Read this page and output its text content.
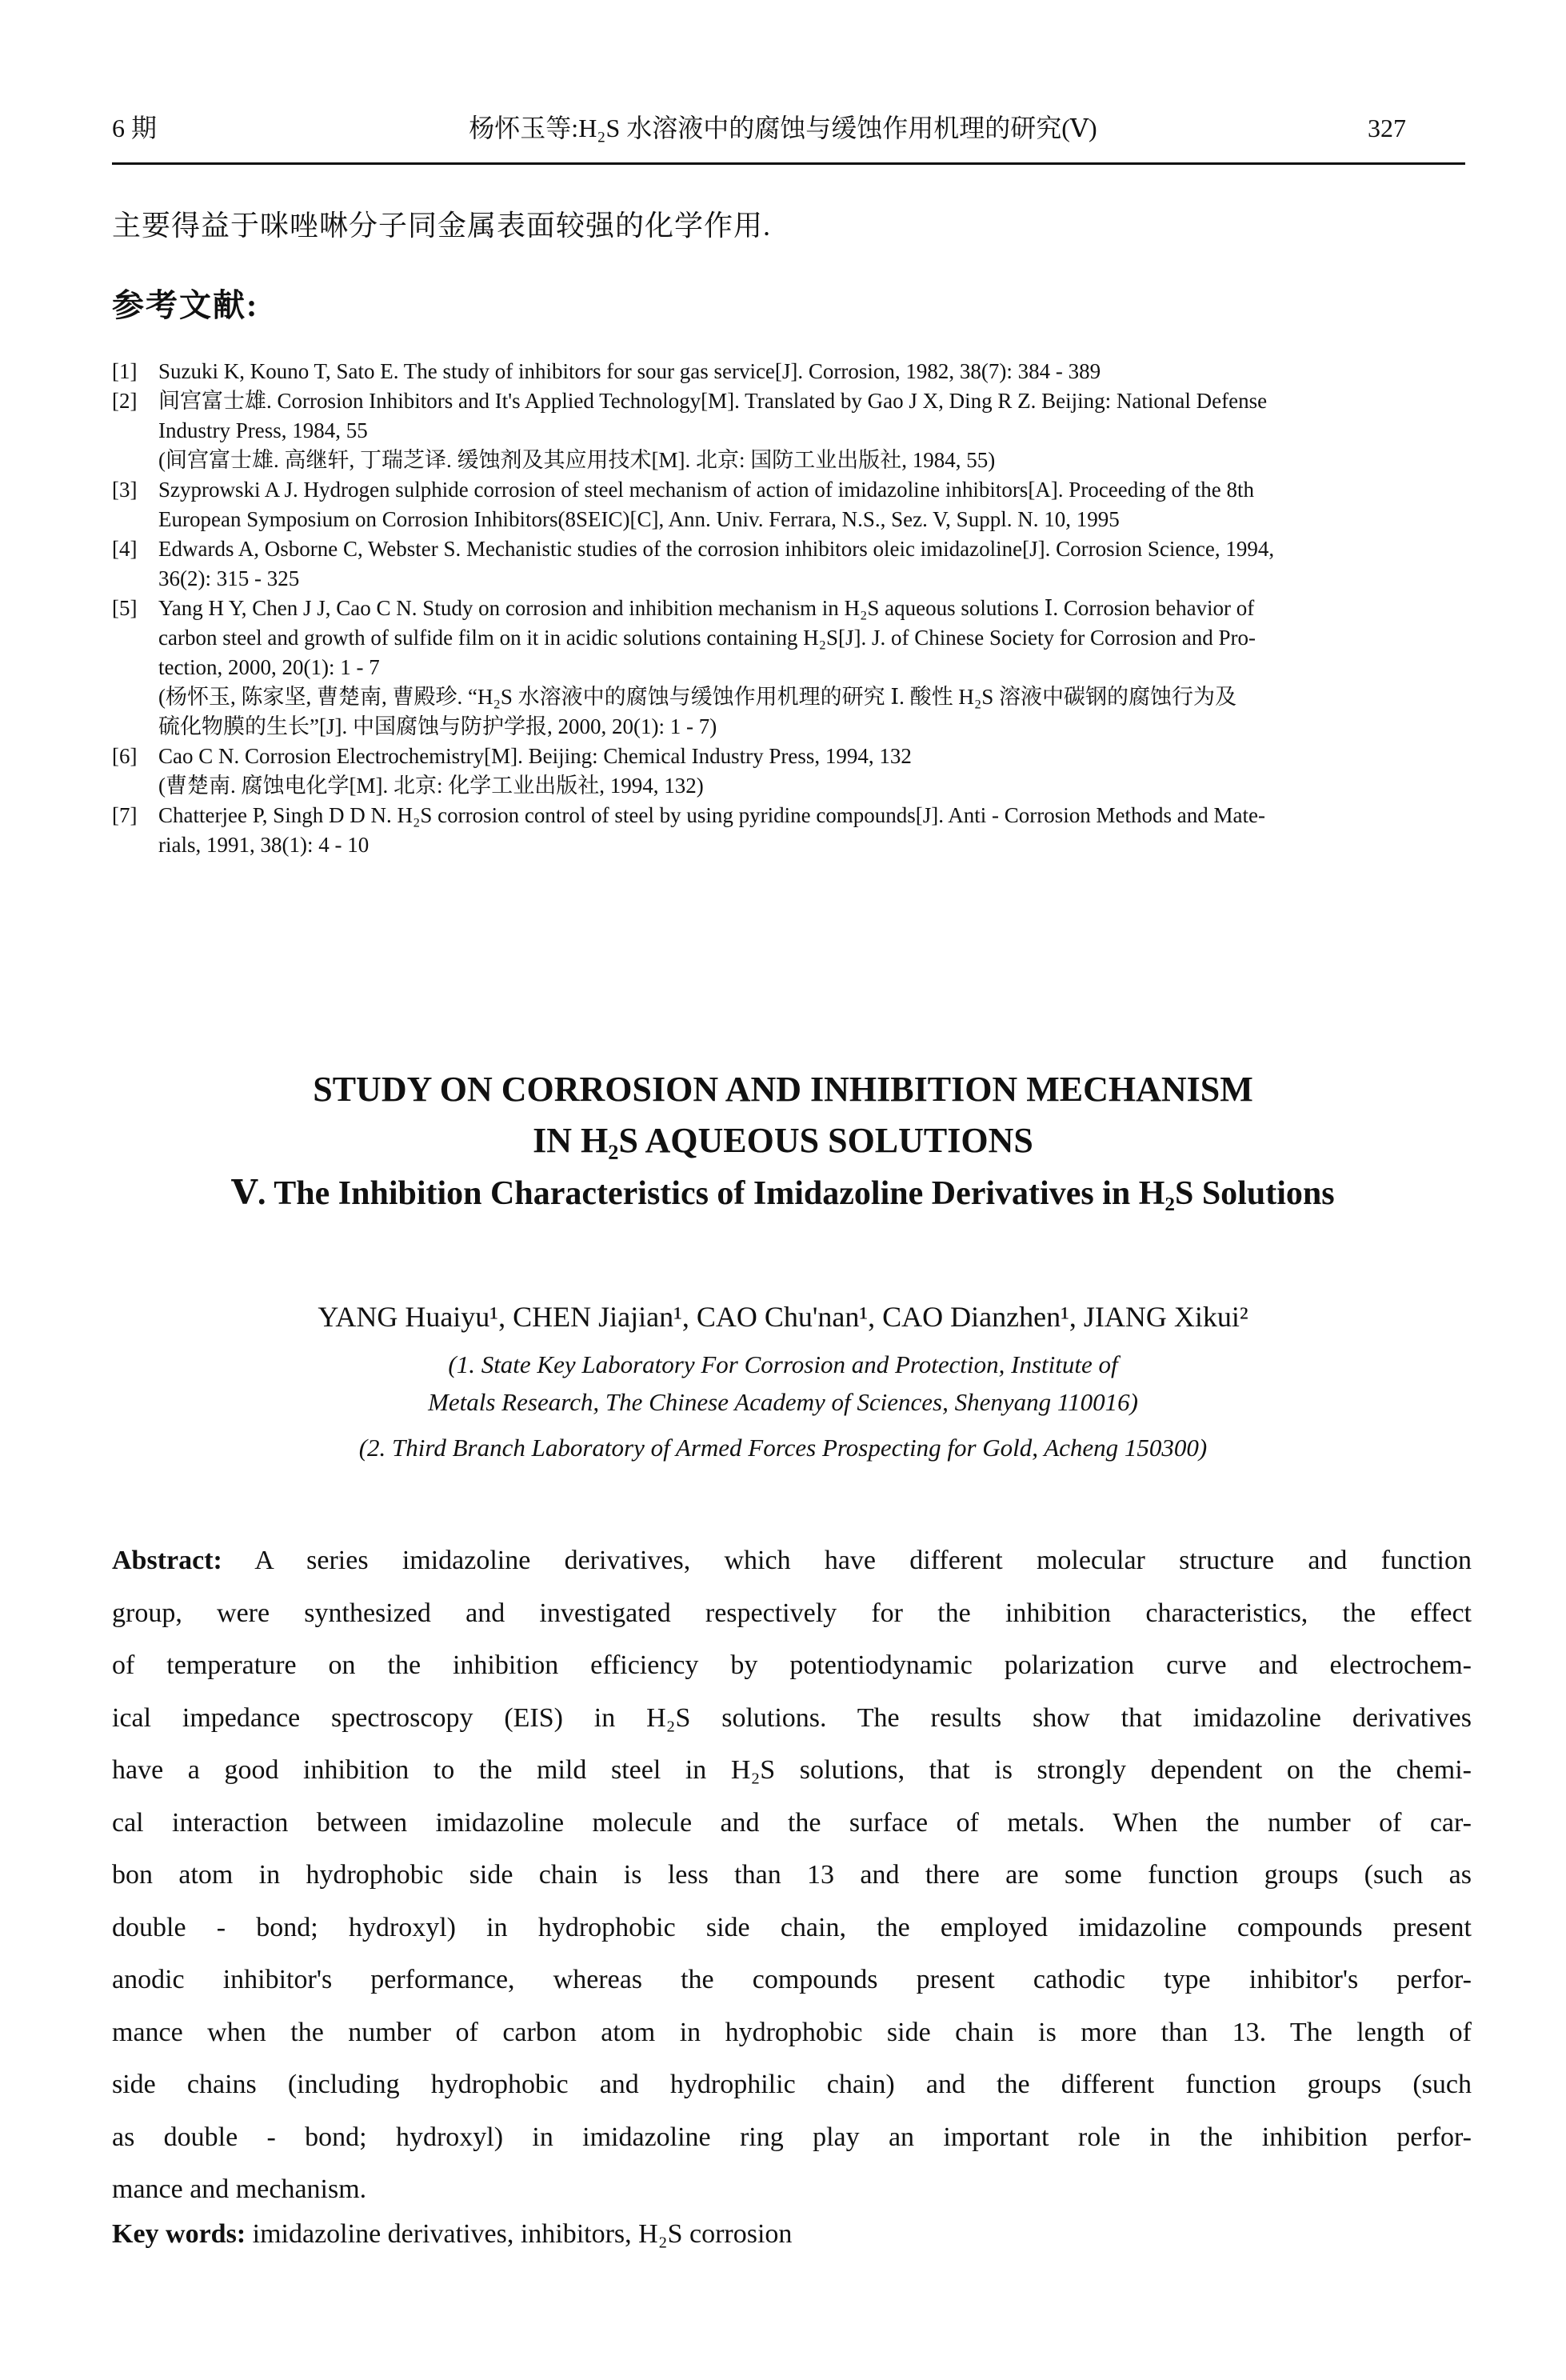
6 期	杨怀玉等:H₂S 水溶液中的腐蚀与缓蚀作用机理的研究(Ⅴ)	327
主要得益于咪唑啉分子同金属表面较强的化学作用.
参考文献:
[1] Suzuki K, Kouno T, Sato E. The study of inhibitors for sour gas service[J]. Corrosion, 1982, 38(7): 384 - 389
[2] 间宫富士雄. Corrosion Inhibitors and It's Applied Technology[M]. Translated by Gao J X, Ding R Z. Beijing: National Defense
Industry Press, 1984, 55
(间宫富士雄. 高继轩, 丁瑞芝译. 缓蚀剂及其应用技术[M]. 北京: 国防工业出版社, 1984, 55)
[3] Szyprowski A J. Hydrogen sulphide corrosion of steel mechanism of action of imidazoline inhibitors[A]. Proceeding of the 8th
European Symposium on Corrosion Inhibitors(8SEIC)[C], Ann. Univ. Ferrara, N.S., Sez. V, Suppl. N. 10, 1995
[4] Edwards A, Osborne C, Webster S. Mechanistic studies of the corrosion inhibitors oleic imidazoline[J]. Corrosion Science, 1994,
36(2): 315 - 325
[5] Yang H Y, Chen J J, Cao C N. Study on corrosion and inhibition mechanism in H₂S aqueous solutions Ⅰ. Corrosion behavior of
carbon steel and growth of sulfide film on it in acidic solutions containing H₂S[J]. J. of Chinese Society for Corrosion and Pro-
tection, 2000, 20(1): 1 - 7
(杨怀玉, 陈家坚, 曹楚南, 曹殿珍. “H₂S 水溶液中的腐蚀与缓蚀作用机理的研究 Ⅰ. 酸性 H₂S 溶液中碳钢的腐蚀行为及
硫化物膜的生长”[J]. 中国腐蚀与防护学报, 2000, 20(1): 1 - 7)
[6] Cao C N. Corrosion Electrochemistry[M]. Beijing: Chemical Industry Press, 1994, 132
(曹楚南. 腐蚀电化学[M]. 北京: 化学工业出版社, 1994, 132)
[7] Chatterjee P, Singh D D N. H₂S corrosion control of steel by using pyridine compounds[J]. Anti - Corrosion Methods and Mate-
rials, 1991, 38(1): 4 - 10
STUDY ON CORROSION AND INHIBITION MECHANISM
IN H₂S AQUEOUS SOLUTIONS
Ⅴ. The Inhibition Characteristics of Imidazoline Derivatives in H₂S Solutions
YANG Huaiyu¹, CHEN Jiajian¹, CAO Chu'nan¹, CAO Dianzhen¹, JIANG Xikui²
(1. State Key Laboratory For Corrosion and Protection, Institute of
Metals Research, The Chinese Academy of Sciences, Shenyang 110016)
(2. Third Branch Laboratory of Armed Forces Prospecting for Gold, Acheng 150300)
Abstract: A series imidazoline derivatives, which have different molecular structure and function
group, were synthesized and investigated respectively for the inhibition characteristics, the effect
of temperature on the inhibition efficiency by potentiodynamic polarization curve and electrochem-
ical impedance spectroscopy (EIS) in H₂S solutions. The results show that imidazoline derivatives
have a good inhibition to the mild steel in H₂S solutions, that is strongly dependent on the chemi-
cal interaction between imidazoline molecule and the surface of metals. When the number of car-
bon atom in hydrophobic side chain is less than 13 and there are some function groups (such as
double - bond; hydroxyl) in hydrophobic side chain, the employed imidazoline compounds present
anodic inhibitor's performance, whereas the compounds present cathodic type inhibitor's perfor-
mance when the number of carbon atom in hydrophobic side chain is more than 13. The length of
side chains (including hydrophobic and hydrophilic chain) and the different function groups (such
as double - bond; hydroxyl) in imidazoline ring play an important role in the inhibition perfor-
mance and mechanism.
Key words: imidazoline derivatives, inhibitors, H₂S corrosion
